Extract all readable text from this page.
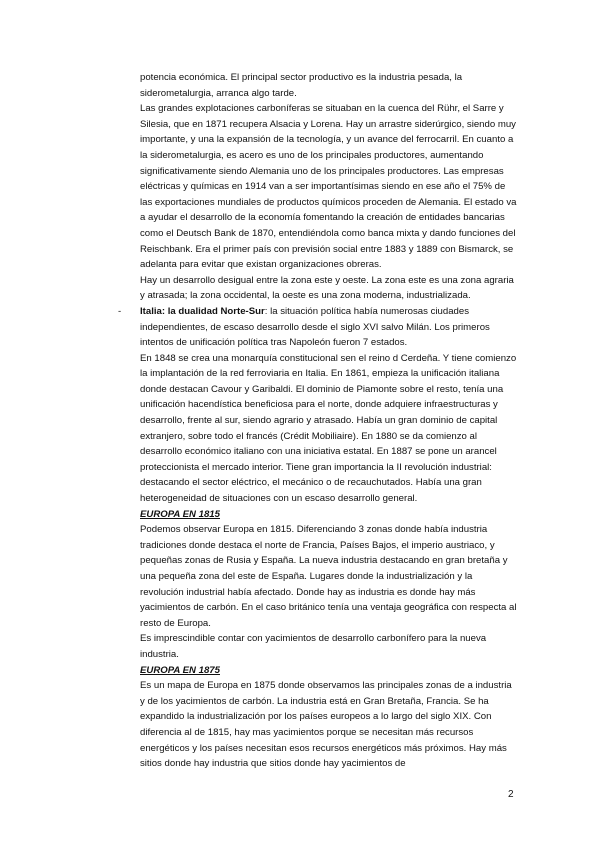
potencia económica. El principal sector productivo es la industria pesada, la siderometalurgia, arranca algo tarde.

Las grandes explotaciones carboníferas se situaban en la cuenca del Rühr, el Sarre y Silesia, que en 1871 recupera Alsacia y Lorena. Hay un arrastre siderúrgico, siendo muy importante, y una la expansión de la tecnología, y un avance del ferrocarril. En cuanto a la siderometalurgia, es acero es uno de los principales productores, aumentando significativamente siendo Alemania uno de los principales productores. Las empresas eléctricas y químicas en 1914 van a ser importantísimas siendo en ese año el 75% de las exportaciones mundiales de productos químicos proceden de Alemania. El estado va a ayudar el desarrollo de la economía fomentando la creación de entidades bancarias como el Deutsch Bank de 1870, entendiéndola como banca mixta y dando funciones del Reischbank. Era el primer país con previsión social entre 1883 y 1889 con Bismarck, se adelanta para evitar que existan organizaciones obreras.

Hay un desarrollo desigual entre la zona este y oeste. La zona este es una zona agraria y atrasada; la zona occidental, la oeste es una zona moderna, industrializada.

- Italia: la dualidad Norte-Sur: la situación política había numerosas ciudades independientes, de escaso desarrollo desde el siglo XVI salvo Milán. Los primeros intentos de unificación política tras Napoleón fueron 7 estados.

En 1848 se crea una monarquía constitucional sen el reino d Cerdeña. Y tiene comienzo la implantación de la red ferroviaria en Italia. En 1861, empieza la unificación italiana donde destacan Cavour y Garibaldi. El dominio de Piamonte sobre el resto, tenía una unificación hacendística beneficiosa para el norte, donde adquiere infraestructuras y desarrollo, frente al sur, siendo agrario y atrasado. Había un gran dominio de capital extranjero, sobre todo el francés (Crédit Mobiliaire). En 1880 se da comienzo al desarrollo económico italiano con una iniciativa estatal. En 1887 se pone un arancel proteccionista el mercado interior. Tiene gran importancia la II revolución industrial: destacando el sector eléctrico, el mecánico o de recauchutados. Había una gran heterogeneidad de situaciones con un escaso desarrollo general.

EUROPA EN 1815

Podemos observar Europa en 1815. Diferenciando 3 zonas donde había industria tradiciones donde destaca el norte de Francia, Países Bajos, el imperio austriaco, y pequeñas zonas de Rusia y España. La nueva industria destacando en gran bretaña y una pequeña zona del este de España. Lugares donde la industrialización y la revolución industrial había afectado. Donde hay as industria es donde hay más yacimientos de carbón. En el caso británico tenía una ventaja geográfica con respecta al resto de Europa.

Es imprescindible contar con yacimientos de desarrollo carbonífero para la nueva industria.

EUROPA EN 1875

Es un mapa de Europa en 1875 donde observamos las principales zonas de a industria y de los yacimientos de carbón. La industria está en Gran Bretaña, Francia. Se ha expandido la industrialización por los países europeos a lo largo del siglo XIX. Con diferencia al de 1815, hay mas yacimientos porque se necesitan más recursos energéticos y los países necesitan esos recursos energéticos más próximos. Hay más sitios donde hay industria que sitios donde hay yacimientos de

2
